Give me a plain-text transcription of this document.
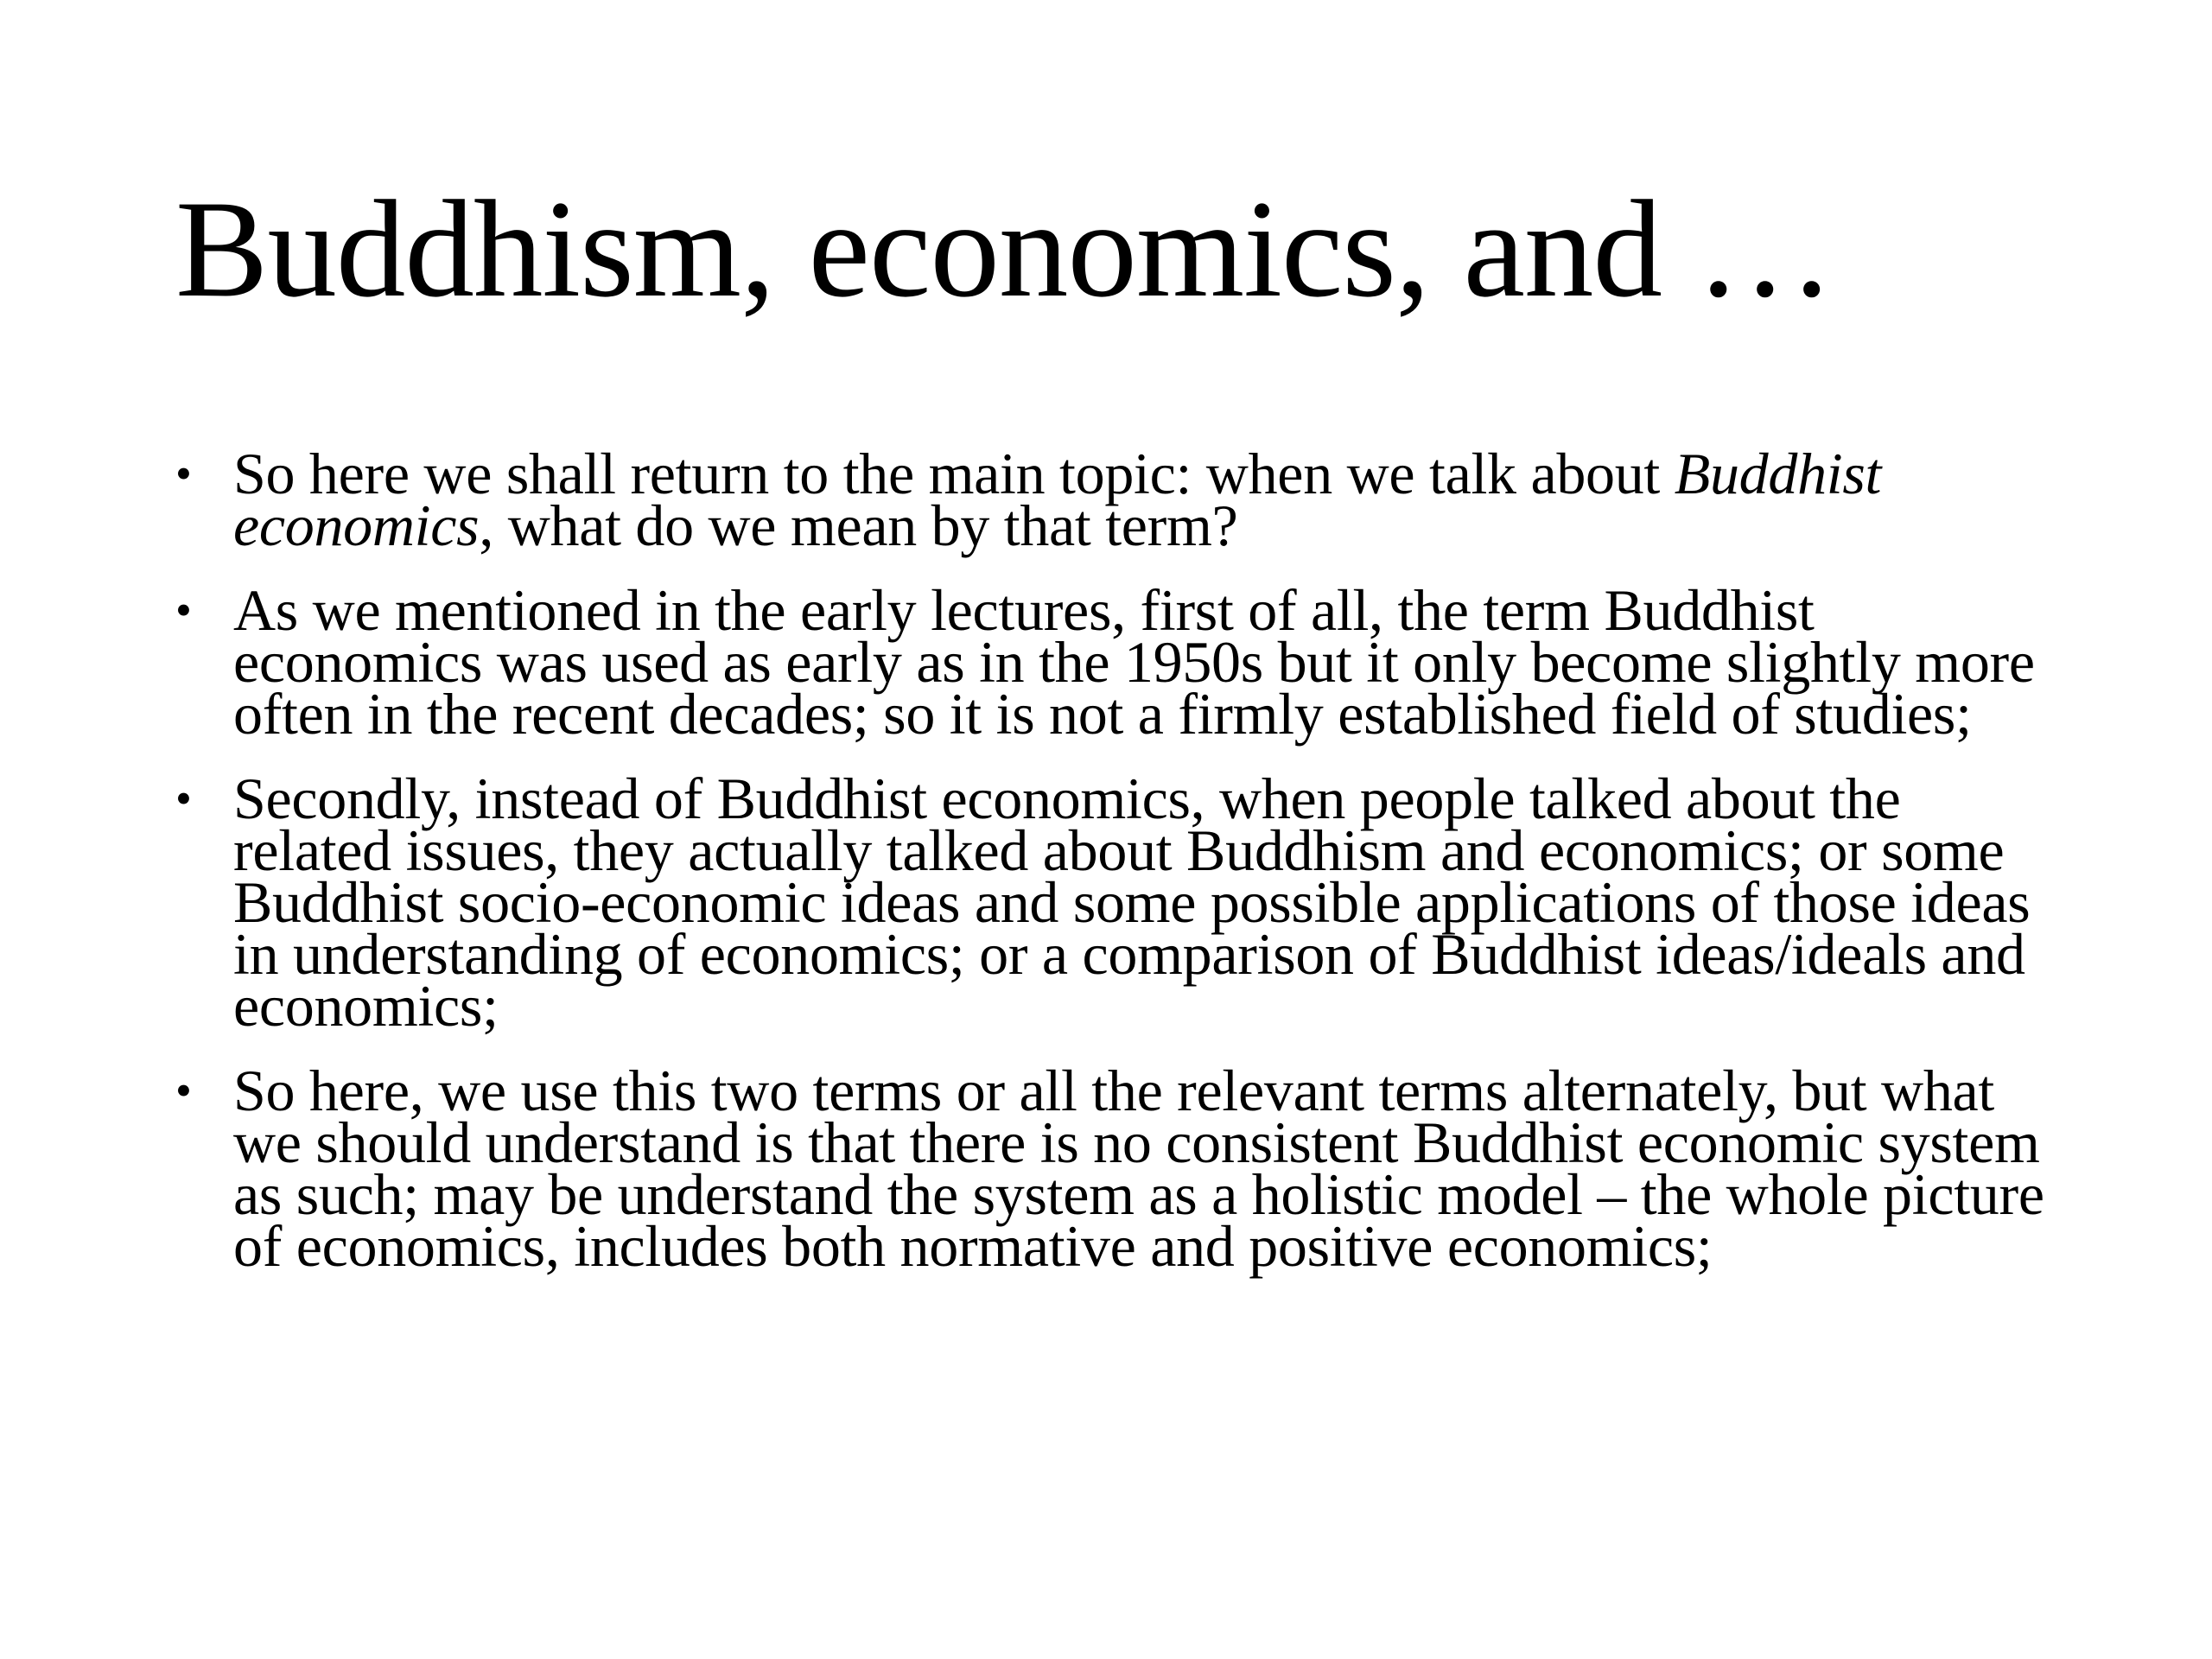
Buddhism, economics, and …
• So here we shall return to the main topic: when we talk about Buddhist economics, what do we mean by that term?
• As we mentioned in the early lectures, first of all, the term Buddhist economics was used as early as in the 1950s but it only become slightly more often in the recent decades; so it is not a firmly established field of studies;
• Secondly, instead of Buddhist economics, when people talked about the related issues, they actually talked about Buddhism and economics; or some Buddhist socio-economic ideas and some possible applications of those ideas in understanding of economics; or a comparison of Buddhist ideas/ideals and economics;
• So here, we use this two terms or all the relevant terms alternately, but what we should understand is that there is no consistent Buddhist economic system as such; may be understand the system as a holistic model – the whole picture of economics, includes both normative and positive economics;
